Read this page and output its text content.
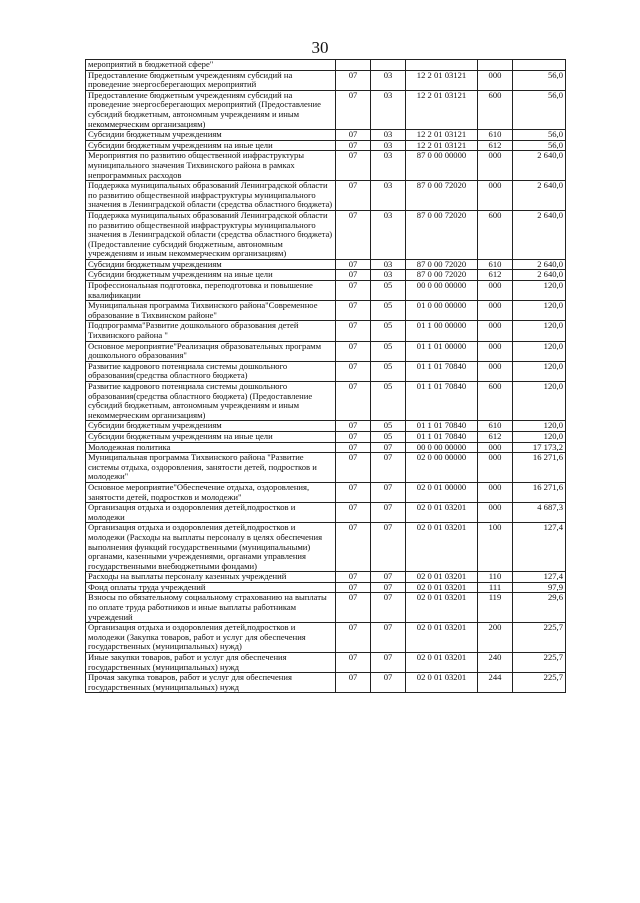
30
мероприятий в бюджетной сфере"					
Предоставление бюджетным учреждениям субсидий на проведение энергосберегающих мероприятий	07	03	12 2 01 03121	000	56,0
Предоставление бюджетным учреждениям субсидий на проведение энергосберегающих мероприятий (Предоставление субсидий бюджетным, автономным учреждениям и иным некоммерческим организациям)	07	03	12 2 01 03121	600	56,0
Субсидии бюджетным учреждениям	07	03	12 2 01 03121	610	56,0
Субсидии бюджетным учреждениям на иные цели	07	03	12 2 01 03121	612	56,0
Мероприятия по развитию общественной инфраструктуры муниципального значения Тихвинского района в рамках непрограммных расходов	07	03	87 0 00 00000	000	2 640,0
Поддержка муниципальных образований Ленинградской области по развитию общественной инфраструктуры муниципального значения в Ленинградской области (средства областного бюджета)	07	03	87 0 00 72020	000	2 640,0
Поддержка муниципальных образований Ленинградской области по развитию общественной инфраструктуры муниципального значения в Ленинградской области (средства областного бюджета) (Предоставление субсидий бюджетным, автономным учреждениям и иным некоммерческим организациям)	07	03	87 0 00 72020	600	2 640,0
Субсидии бюджетным учреждениям	07	03	87 0 00 72020	610	2 640,0
Субсидии бюджетным учреждениям на иные цели	07	03	87 0 00 72020	612	2 640,0
Профессиональная подготовка, переподготовка и повышение квалификации	07	05	00 0 00 00000	000	120,0
Муниципальная программа Тихвинского района"Современное образование в Тихвинском районе"	07	05	01 0 00 00000	000	120,0
Подпрограмма"Развитие дошкольного образования детей Тихвинского района "	07	05	01 1 00 00000	000	120,0
Основное мероприятие"Реализация образовательных программ дошкольного образования"	07	05	01 1 01 00000	000	120,0
Развитие кадрового потенциала системы дошкольного образования(средства областного бюджета)	07	05	01 1 01 70840	000	120,0
Развитие кадрового потенциала системы дошкольного образования(средства областного бюджета) (Предоставление субсидий бюджетным, автономным учреждениям и иным некоммерческим организациям)	07	05	01 1 01 70840	600	120,0
Субсидии бюджетным учреждениям	07	05	01 1 01 70840	610	120,0
Субсидии бюджетным учреждениям на иные цели	07	05	01 1 01 70840	612	120,0
Молодежная политика	07	07	00 0 00 00000	000	17 173,2
Муниципальная программа Тихвинского района "Развитие системы отдыха, оздоровления, занятости детей, подростков и молодежи"	07	07	02 0 00 00000	000	16 271,6
Основное мероприятие"Обеспечение отдыха, оздоровления, занятости детей, подростков и молодежи"	07	07	02 0 01 00000	000	16 271,6
Организация отдыха и оздоровления детей,подростков и молодежи	07	07	02 0 01 03201	000	4 687,3
Организация отдыха и оздоровления детей,подростков и молодежи (Расходы на выплаты персоналу в целях обеспечения выполнения функций государственными (муниципальными) органами, казенными учреждениями, органами управления государственными внебюджетными фондами)	07	07	02 0 01 03201	100	127,4
Расходы на выплаты персоналу казенных учреждений	07	07	02 0 01 03201	110	127,4
Фонд оплаты труда учреждений	07	07	02 0 01 03201	111	97,9
Взносы по обязательному социальному страхованию на выплаты по оплате труда работников и иные выплаты работникам учреждений	07	07	02 0 01 03201	119	29,6
Организация отдыха и оздоровления детей,подростков и молодежи (Закупка товаров, работ и услуг для обеспечения государственных (муниципальных) нужд)	07	07	02 0 01 03201	200	225,7
Иные закупки товаров, работ и услуг для обеспечения государственных (муниципальных) нужд	07	07	02 0 01 03201	240	225,7
Прочая закупка товаров, работ и услуг для обеспечения государственных (муниципальных) нужд	07	07	02 0 01 03201	244	225,7
